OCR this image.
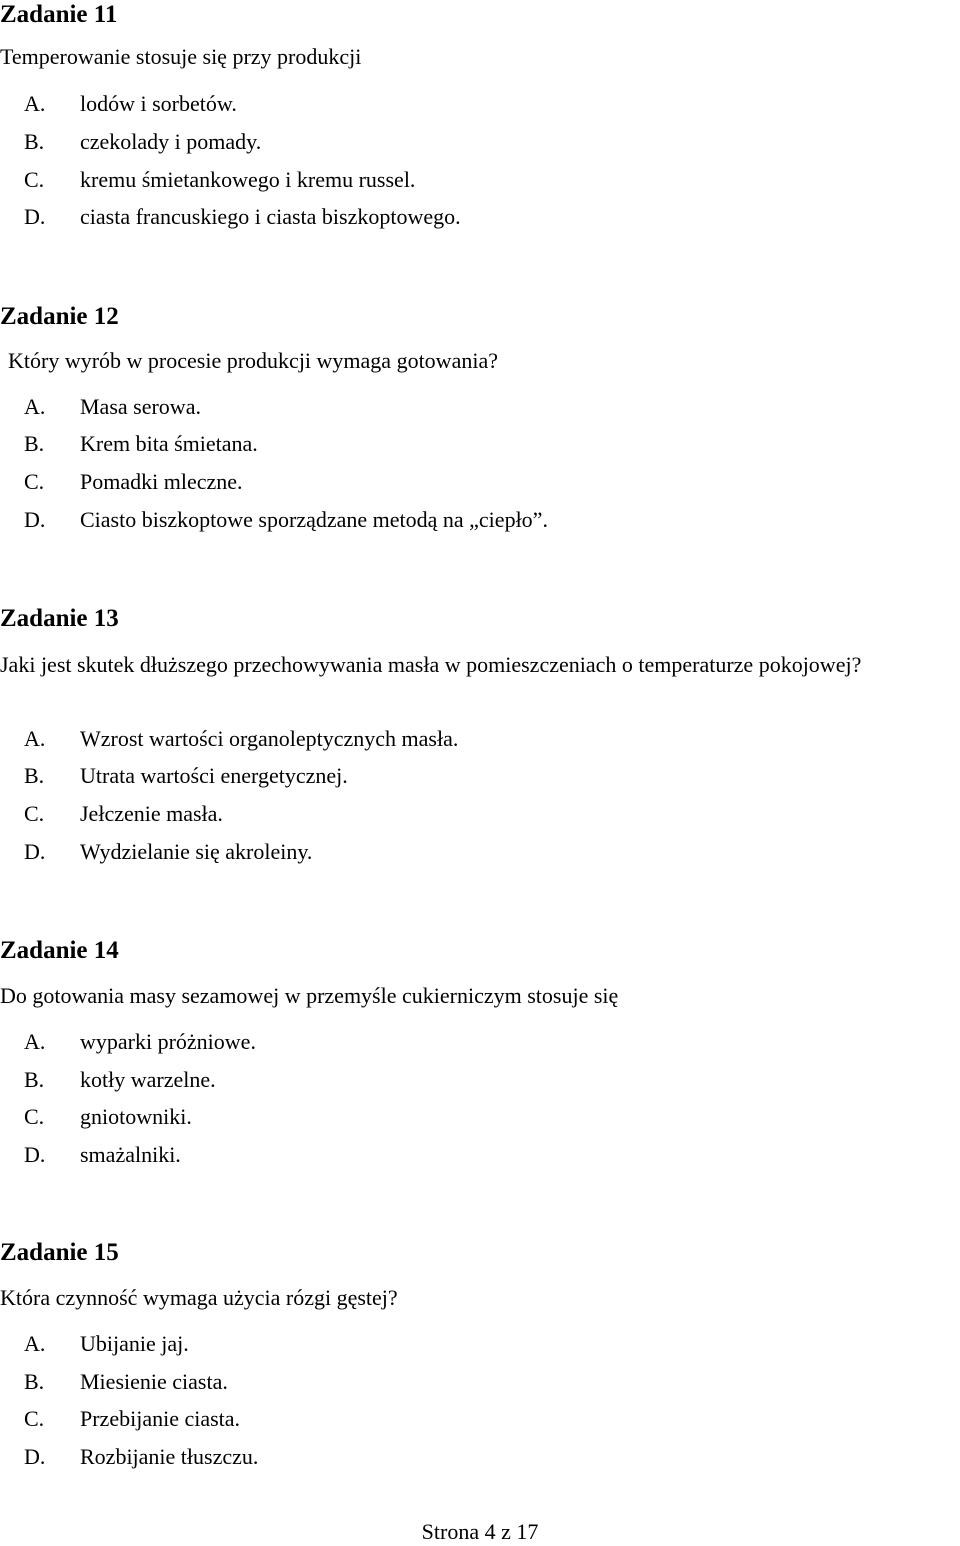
Zadanie 11
Temperowanie stosuje się przy produkcji
A. lodów i sorbetów.
B. czekolady i pomady.
C. kremu śmietankowego i kremu russel.
D. ciasta francuskiego i ciasta biszkoptowego.
Zadanie 12
Który wyrób w procesie produkcji wymaga gotowania?
A. Masa serowa.
B. Krem bita śmietana.
C. Pomadki mleczne.
D. Ciasto biszkoptowe sporządzane metodą na „ciepło”.
Zadanie 13
Jaki jest skutek dłuższego przechowywania masła w pomieszczeniach o temperaturze pokojowej?
A. Wzrost wartości organoleptycznych masła.
B. Utrata wartości energetycznej.
C. Jełczenie masła.
D. Wydzielanie się akroleiny.
Zadanie 14
Do gotowania masy sezamowej w przemyśle cukierniczym stosuje się
A. wyparki próżniowe.
B. kotły warzelne.
C. gniotowniki.
D. smażalniki.
Zadanie 15
Która czynność wymaga użycia rózgi gęstej?
A. Ubijanie jaj.
B. Miesienie ciasta.
C. Przebijanie ciasta.
D. Rozbijanie tłuszczu.
Strona 4 z 17
